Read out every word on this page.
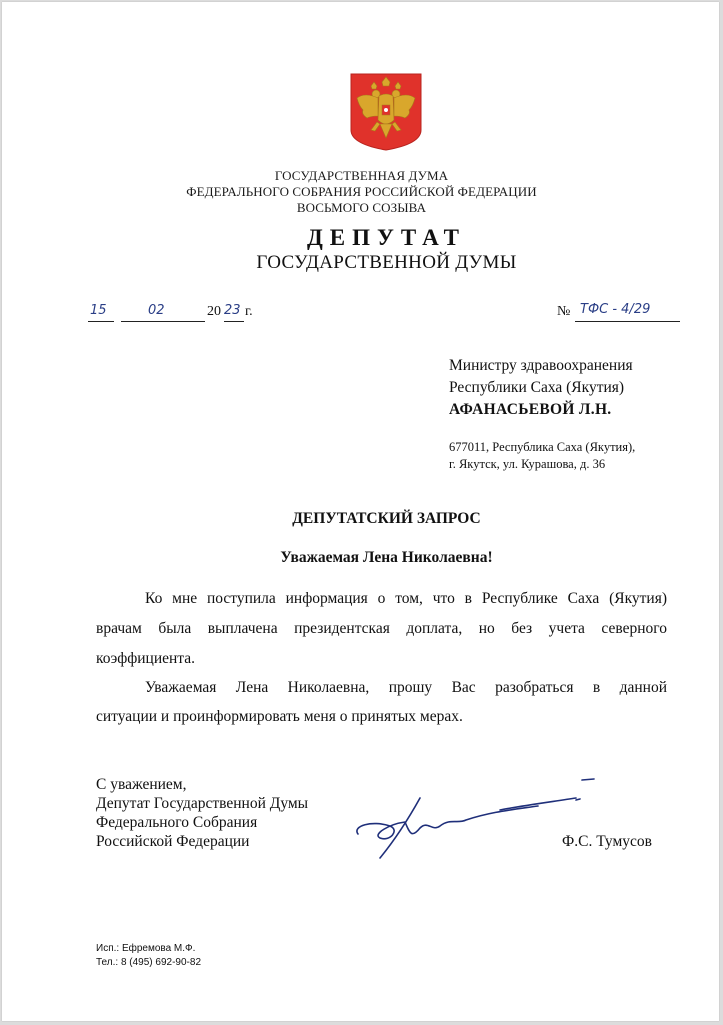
ГОСУДАРСТВЕННАЯ ДУМА
ФЕДЕРАЛЬНОГО СОБРАНИЯ РОССИЙСКОЙ ФЕДЕРАЦИИ
ВОСЬМОГО СОЗЫВА
ДЕПУТАТ
ГОСУДАРСТВЕННОЙ ДУМЫ
15	02	20 23 г.	№ ТФС - 4/29
Министру здравоохранения
Республики Саха (Якутия)
АФАНАСЬЕВОЙ Л.Н.
677011, Республика Саха (Якутия),
г. Якутск, ул. Курашова, д. 36
ДЕПУТАТСКИЙ ЗАПРОС
Уважаемая Лена Николаевна!
Ко мне поступила информация о том, что в Республике Саха (Якутия)
врачам была выплачена президентская доплата, но без учета северного
коэффициента.
Уважаемая Лена Николаевна, прошу Вас разобраться в данной
ситуации и проинформировать меня о принятых мерах.
С уважением,
Депутат Государственной Думы
Федерального Собрания
Российской Федерации	Ф.С. Тумусов
Исп.: Ефремова М.Ф.
Тел.: 8 (495) 692-90-82
